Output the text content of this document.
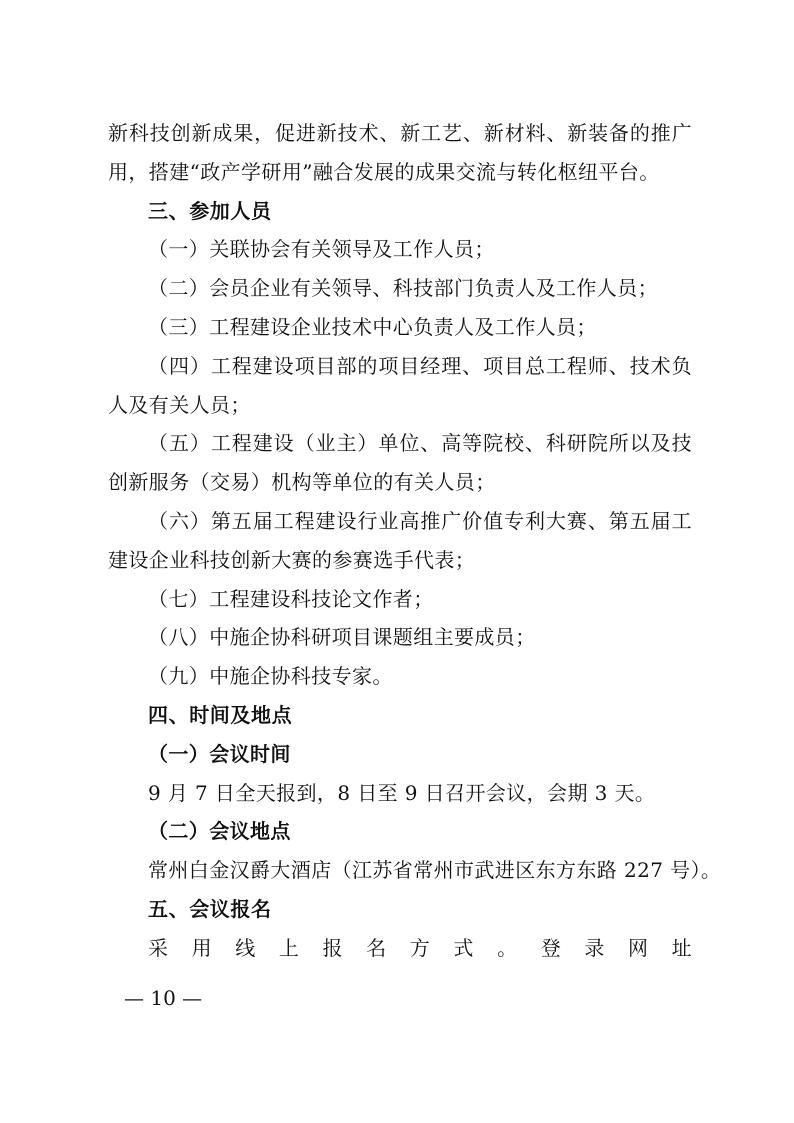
新科技创新成果，促进新技术、新工艺、新材料、新装备的推广
用，搭建“政产学研用”融合发展的成果交流与转化枢纽平台。
三、参加人员
（一）关联协会有关领导及工作人员；
（二）会员企业有关领导、科技部门负责人及工作人员；
（三）工程建设企业技术中心负责人及工作人员；
（四）工程建设项目部的项目经理、项目总工程师、技术负
人及有关人员；
（五）工程建设（业主）单位、高等院校、科研院所以及技
创新服务（交易）机构等单位的有关人员；
（六）第五届工程建设行业高推广价值专利大赛、第五届工
建设企业科技创新大赛的参赛选手代表；
（七）工程建设科技论文作者；
（八）中施企协科研项目课题组主要成员；
（九）中施企协科技专家。
四、时间及地点
（一）会议时间
9 月 7 日全天报到，8 日至 9 日召开会议，会期 3 天。
（二）会议地点
常州白金汉爵大酒店（江苏省常州市武进区东方东路 227 号）。
五、会议报名
采用线上报名方式。登录网址
— 10 —
